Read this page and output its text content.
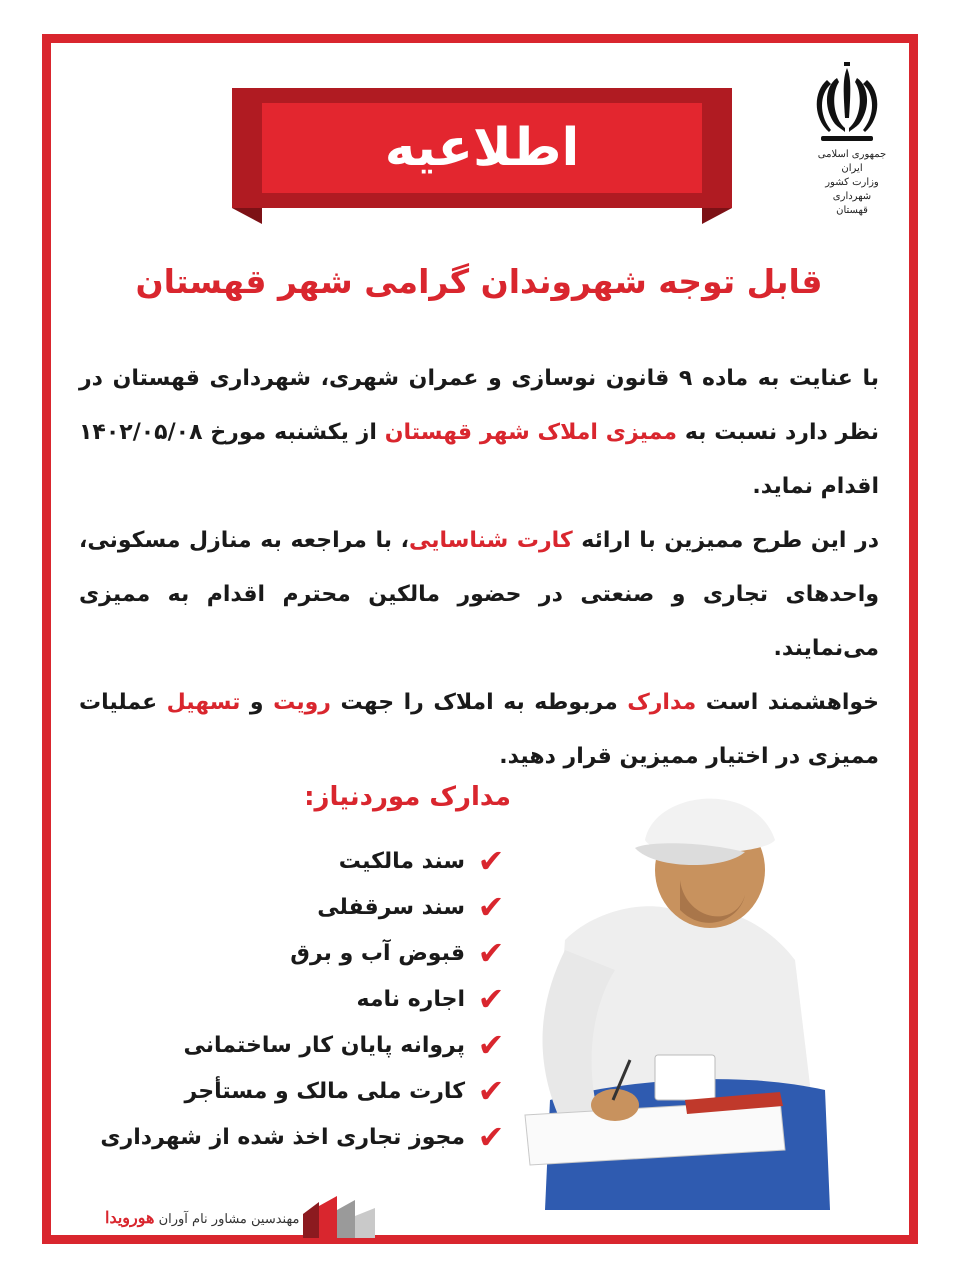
جمهوری اسلامی ایران
وزارت کشور
شهرداری قهستان
اطلاعیه
قابل توجه شهروندان گرامی شهر قهستان

با عنایت به ماده ۹ قانون نوسازی و عمران شهری، شهرداری قهستان در نظر دارد نسبت به ممیزی املاک شهر قهستان از یکشنبه مورخ ۱۴۰۲/۰۵/۰۸ اقدام نماید.

در این طرح ممیزین با ارائه کارت شناسایی، با مراجعه به منازل مسکونی، واحدهای تجاری و صنعتی در حضور مالکین محترم اقدام به ممیزی می‌نمایند.

خواهشمند است مدارک مربوطه به املاک را جهت رویت و تسهیل عملیات ممیزی در اختیار ممیزین قرار دهید.

مدارک موردنیاز:
✔
سند مالکیت
✔
سند سرقفلی
✔
قبوض آب و برق
✔
اجاره نامه
✔
پروانه پایان کار ساختمانی
✔
کارت ملی مالک و مستأجر
✔
مجوز تجاری اخذ شده از شهرداری
مهندسین مشاور نام آوران هورویدا
